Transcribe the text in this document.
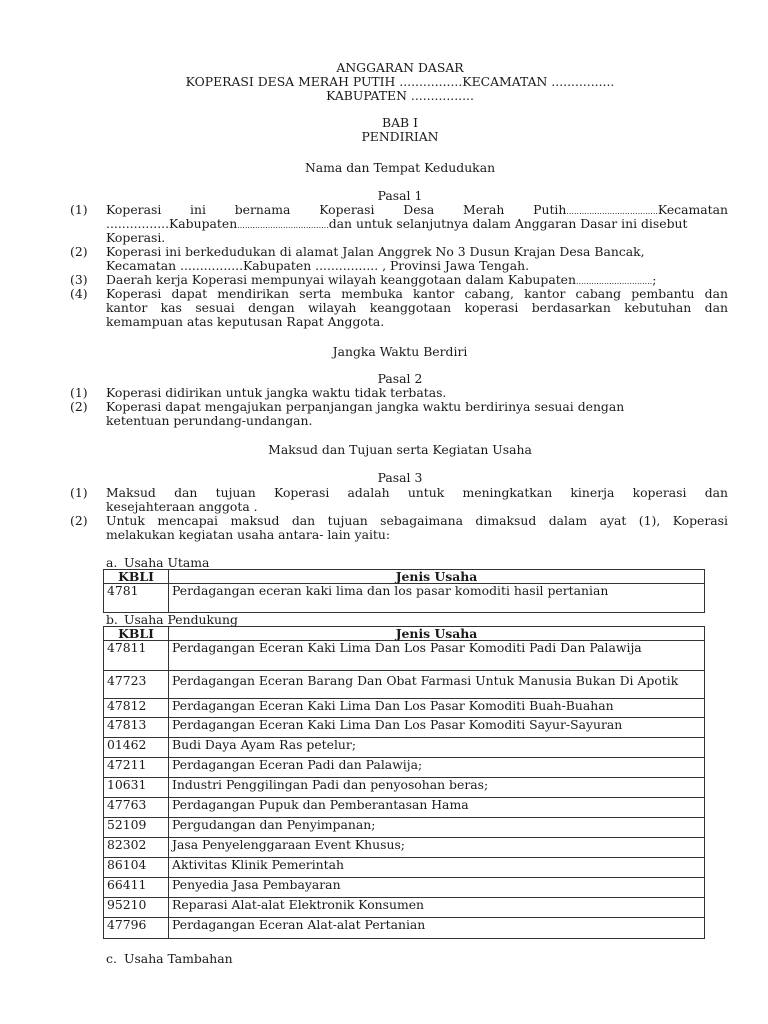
ANGGARAN DASAR
KOPERASI DESA MERAH PUTIH ................KECAMATAN ................
KABUPATEN ................
BAB I
PENDIRIAN
Nama dan Tempat Kedudukan
Pasal 1
(1) Koperasi ini bernama Koperasi Desa Merah Putih....................................Kecamatan
................Kabupaten....................................dan untuk selanjutnya dalam Anggaran Dasar ini disebut
Koperasi.
(2) Koperasi ini berkedudukan di alamat Jalan Anggrek No 3 Dusun Krajan Desa Bancak,
Kecamatan ................Kabupaten ................ , Provinsi Jawa Tengah.
(3) Daerah kerja Koperasi mempunyai wilayah keanggotaan dalam Kabupaten..............................;
(4) Koperasi dapat mendirikan serta membuka kantor cabang, kantor cabang pembantu dan
kantor kas sesuai dengan wilayah keanggotaan koperasi berdasarkan kebutuhan dan
kemampuan atas keputusan Rapat Anggota.
Jangka Waktu Berdiri
Pasal 2
(1) Koperasi didirikan untuk jangka waktu tidak terbatas.
(2) Koperasi dapat mengajukan perpanjangan jangka waktu berdirinya sesuai dengan
ketentuan perundang-undangan.
Maksud dan Tujuan serta Kegiatan Usaha
Pasal 3
(1) Maksud dan tujuan Koperasi adalah untuk meningkatkan kinerja koperasi dan
kesejahteraan anggota .
(2) Untuk mencapai maksud dan tujuan sebagaimana dimaksud dalam ayat (1), Koperasi
melakukan kegiatan usaha antara- lain yaitu:
a. Usaha Utama
KBLI	Jenis Usaha
4781	Perdagangan eceran kaki lima dan los pasar komoditi hasil pertanian
b. Usaha Pendukung
KBLI	Jenis Usaha
47811	Perdagangan Eceran Kaki Lima Dan Los Pasar Komoditi Padi Dan Palawija
47723	Perdagangan Eceran Barang Dan Obat Farmasi Untuk Manusia Bukan Di Apotik
47812	Perdagangan Eceran Kaki Lima Dan Los Pasar Komoditi Buah-Buahan
47813	Perdagangan Eceran Kaki Lima Dan Los Pasar Komoditi Sayur-Sayuran
01462	Budi Daya Ayam Ras petelur;
47211	Perdagangan Eceran Padi dan Palawija;
10631	Industri Penggilingan Padi dan penyosohan beras;
47763	Perdagangan Pupuk dan Pemberantasan Hama
52109	Pergudangan dan Penyimpanan;
82302	Jasa Penyelenggaraan Event Khusus;
86104	Aktivitas Klinik Pemerintah
66411	Penyedia Jasa Pembayaran
95210	Reparasi Alat-alat Elektronik Konsumen
47796	Perdagangan Eceran Alat-alat Pertanian
c. Usaha Tambahan
